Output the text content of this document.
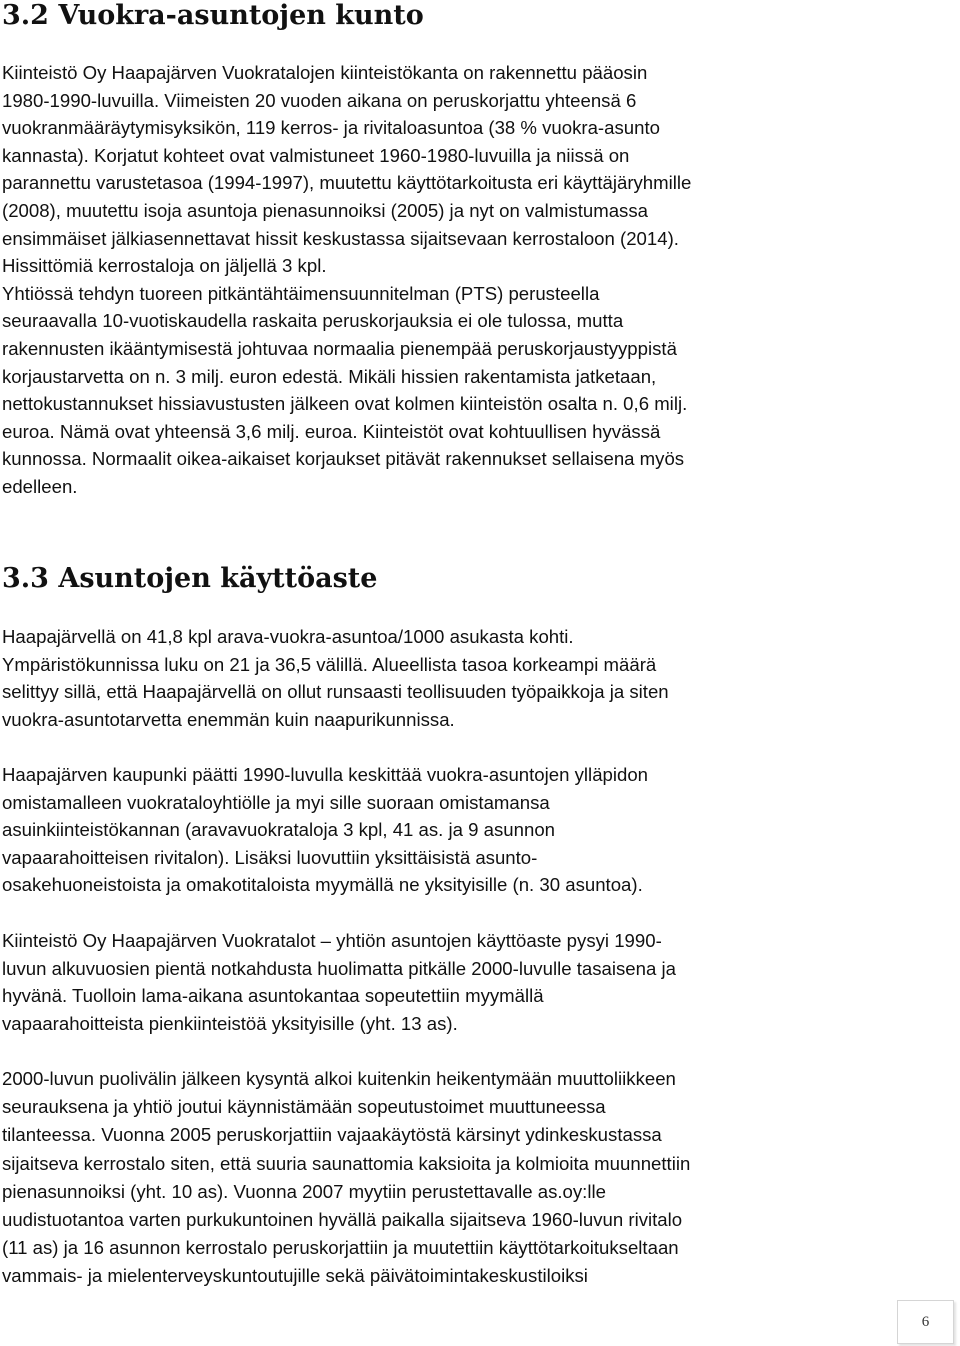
3.2 Vuokra-asuntojen kunto

Kiinteistö Oy Haapajärven Vuokratalojen kiinteistökanta on rakennettu pääosin
1980-1990-luvuilla. Viimeisten 20 vuoden aikana on peruskorjattu yhteensä 6
vuokranmääräytymisyksikön, 119 kerros- ja rivitaloasuntoa (38 % vuokra-asunto
kannasta). Korjatut kohteet ovat valmistuneet 1960-1980-luvuilla ja niissä on
parannettu varustetasoa (1994-1997), muutettu käyttötarkoitusta eri käyttäjäryhmille
(2008), muutettu isoja asuntoja pienasunnoiksi (2005) ja nyt on valmistumassa
ensimmäiset jälkiasennettavat hissit keskustassa sijaitsevaan kerrostaloon (2014).
Hissittömiä kerrostaloja on jäljellä 3 kpl.
Yhtiössä tehdyn tuoreen pitkäntähtäimensuunnitelman (PTS) perusteella
seuraavalla 10-vuotiskaudella raskaita peruskorjauksia ei ole tulossa, mutta
rakennusten ikääntymisestä johtuvaa normaalia pienempää peruskorjaustyyppistä
korjaustarvetta on n. 3 milj. euron edestä. Mikäli hissien rakentamista jatketaan,
nettokustannukset hissiavustusten jälkeen ovat kolmen kiinteistön osalta n. 0,6 milj.
euroa. Nämä ovat yhteensä 3,6 milj. euroa. Kiinteistöt ovat kohtuullisen hyvässä
kunnossa. Normaalit oikea-aikaiset korjaukset pitävät rakennukset sellaisena myös
edelleen.

3.3 Asuntojen käyttöaste

Haapajärvellä on 41,8 kpl arava-vuokra-asuntoa/1000 asukasta kohti.
Ympäristökunnissa luku on 21 ja 36,5 välillä. Alueellista tasoa korkeampi määrä
selittyy sillä, että Haapajärvellä on ollut runsaasti teollisuuden työpaikkoja ja siten
vuokra-asuntotarvetta enemmän kuin naapurikunnissa.

Haapajärven kaupunki päätti 1990-luvulla keskittää vuokra-asuntojen ylläpidon
omistamalleen vuokrataloyhtiölle ja myi sille suoraan omistamansa
asuinkiinteistökannan (aravavuokrataloja 3 kpl, 41 as. ja 9 asunnon
vapaarahoitteisen rivitalon). Lisäksi luovuttiin yksittäisistä asunto-
osakehuoneistoista ja omakotitaloista myymällä ne yksityisille (n. 30 asuntoa).

Kiinteistö Oy Haapajärven Vuokratalot – yhtiön asuntojen käyttöaste pysyi 1990-
luvun alkuvuosien pientä notkahdusta huolimatta pitkälle 2000-luvulle tasaisena ja
hyvänä. Tuolloin lama-aikana asuntokantaa sopeutettiin myymällä
vapaarahoitteista pienkiinteistöä yksityisille (yht. 13 as).

2000-luvun puolivälin jälkeen kysyntä alkoi kuitenkin heikentymään muuttoliikkeen
seurauksena ja yhtiö joutui käynnistämään sopeutustoimet muuttuneessa
tilanteessa. Vuonna 2005 peruskorjattiin vajaakäytöstä kärsinyt ydinkeskustassa
sijaitseva kerrostalo siten, että suuria saunattomia kaksioita ja kolmioita muunnettiin
pienasunnoiksi (yht. 10 as). Vuonna 2007 myytiin perustettavalle as.oy:lle
uudistuotantoa varten purkukuntoinen hyvällä paikalla sijaitseva 1960-luvun rivitalo
(11 as) ja 16 asunnon kerrostalo peruskorjattiin ja muutettiin käyttötarkoitukseltaan
vammais- ja mielenterveyskuntoutujille sekä päivätoimintakeskustiloiksi

6
